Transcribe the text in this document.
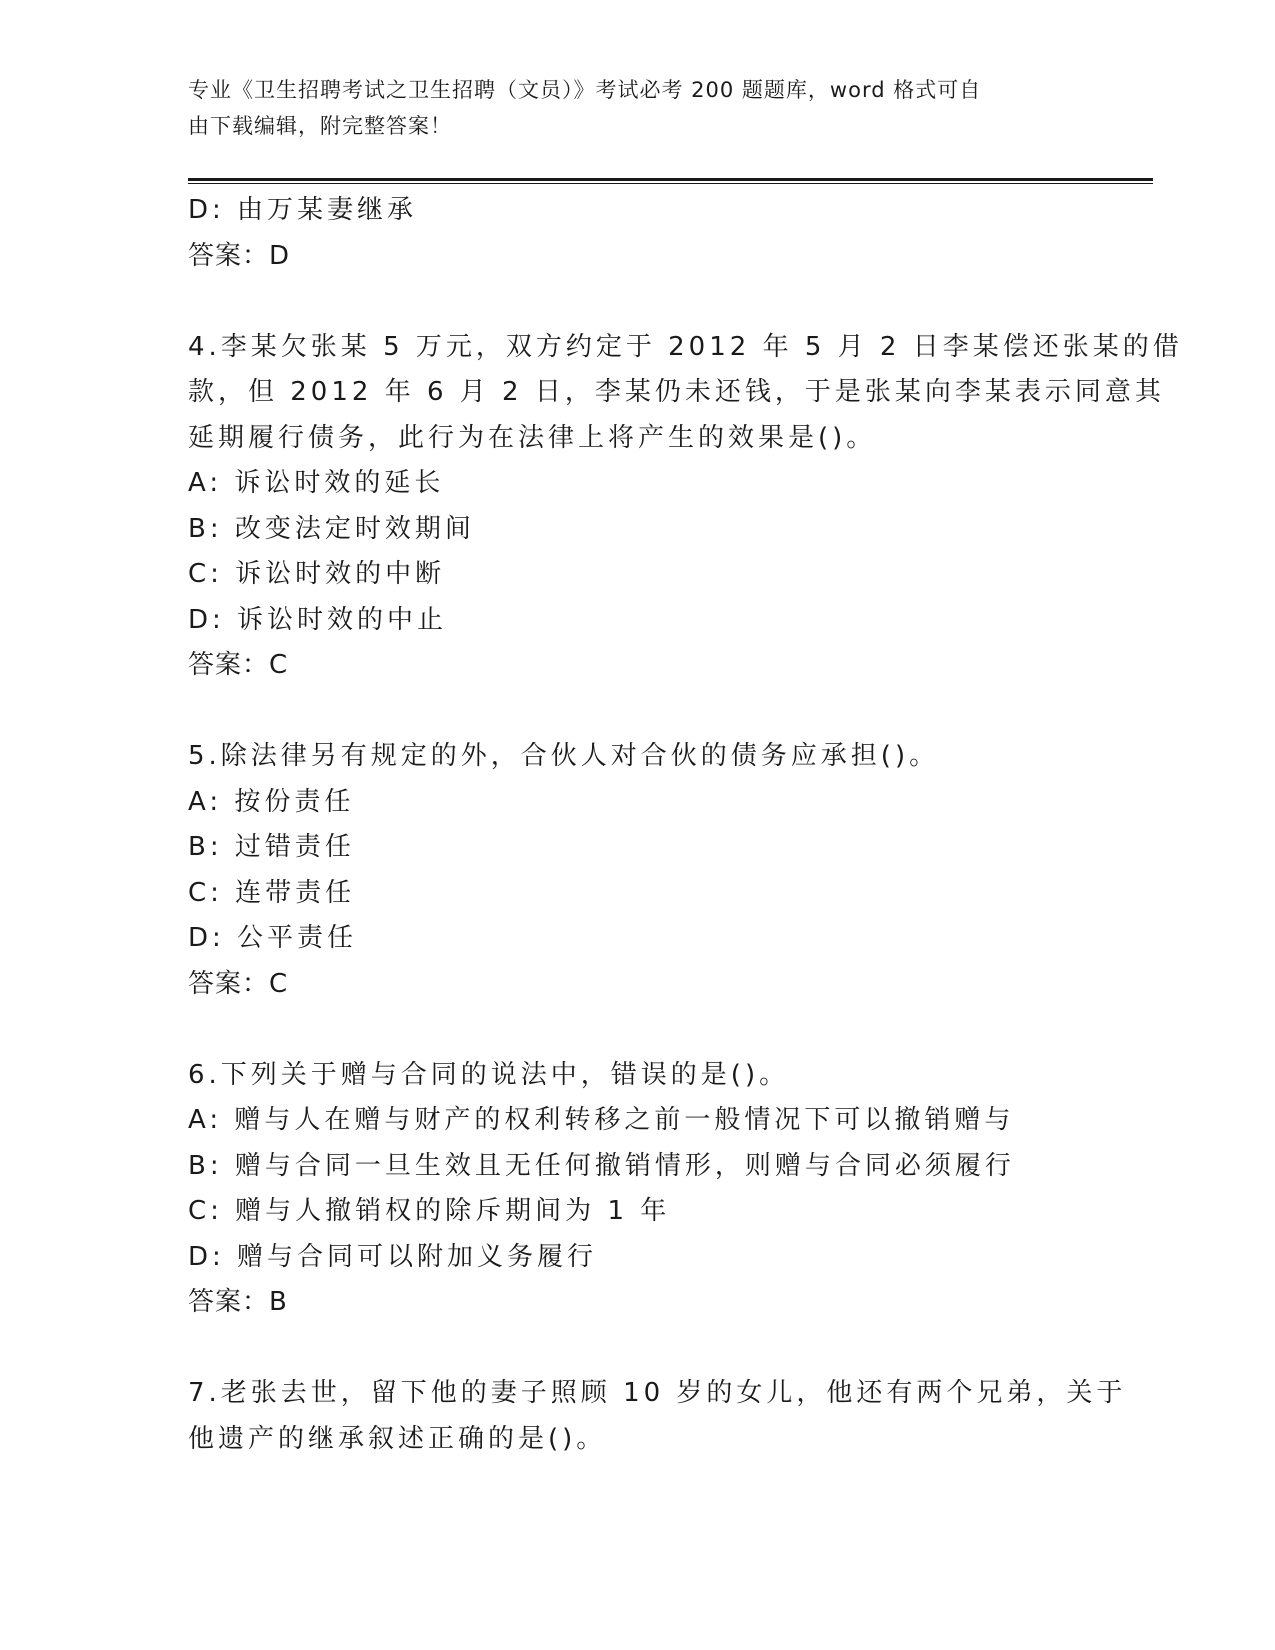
专业《卫生招聘考试之卫生招聘（文员）》考试必考 200 题题库，word 格式可自
由下载编辑，附完整答案！
D: 由万某妻继承
答案：D
4.李某欠张某 5 万元，双方约定于 2012 年 5 月 2 日李某偿还张某的借
款，但 2012 年 6 月 2 日，李某仍未还钱，于是张某向李某表示同意其
延期履行债务，此行为在法律上将产生的效果是()。
A: 诉讼时效的延长
B: 改变法定时效期间
C: 诉讼时效的中断
D: 诉讼时效的中止
答案：C
5.除法律另有规定的外，合伙人对合伙的债务应承担()。
A: 按份责任
B: 过错责任
C: 连带责任
D: 公平责任
答案：C
6.下列关于赠与合同的说法中，错误的是()。
A: 赠与人在赠与财产的权利转移之前一般情况下可以撤销赠与
B: 赠与合同一旦生效且无任何撤销情形，则赠与合同必须履行
C: 赠与人撤销权的除斥期间为 1 年
D: 赠与合同可以附加义务履行
答案：B
7.老张去世，留下他的妻子照顾 10 岁的女儿，他还有两个兄弟，关于
他遗产的继承叙述正确的是()。
